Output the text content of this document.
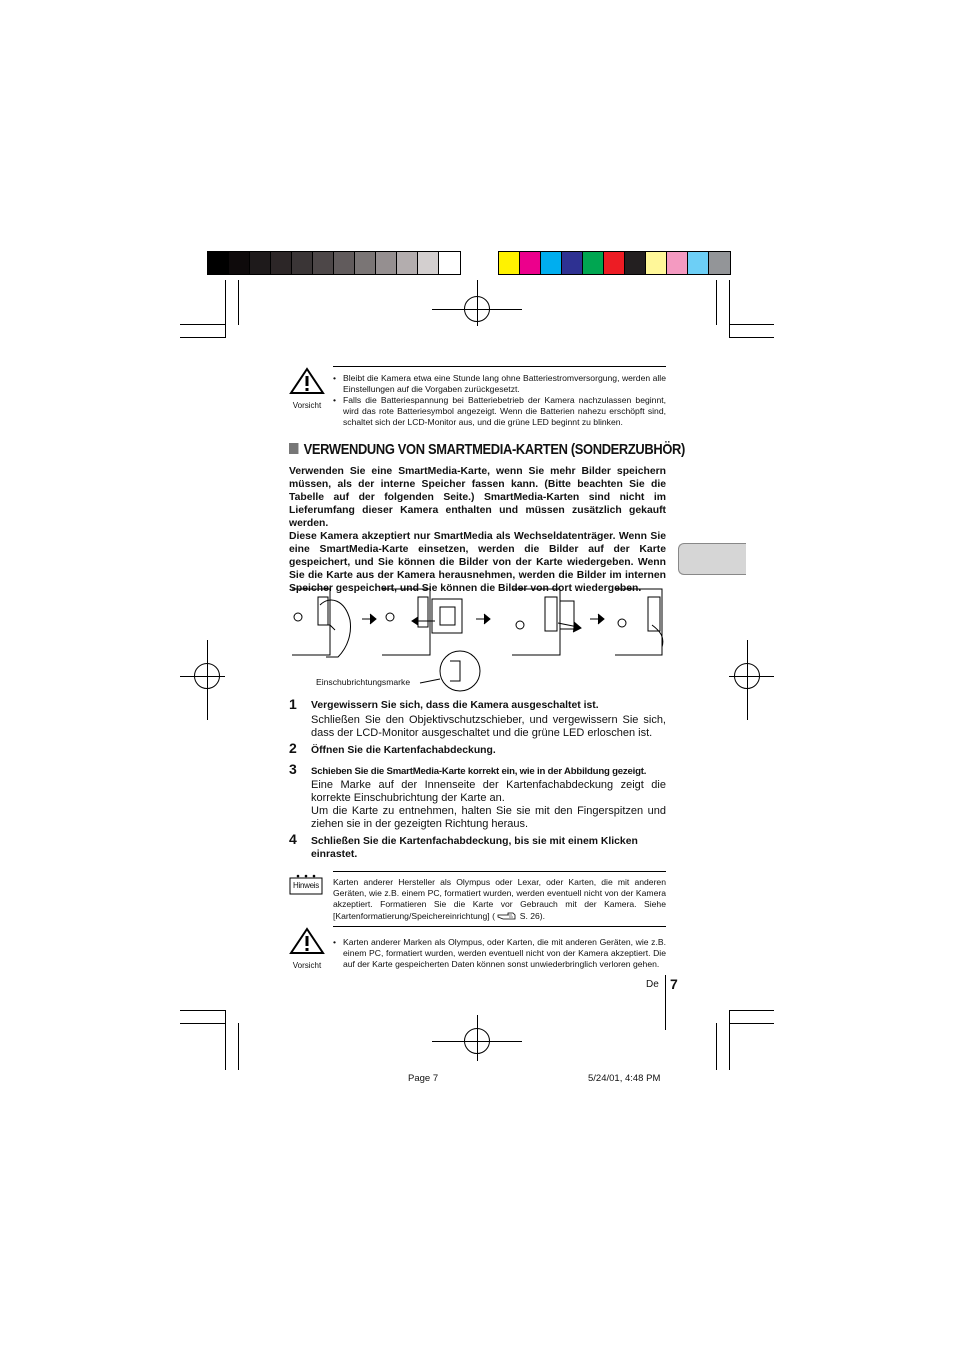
Vorsicht
• Bleibt die Kamera etwa eine Stunde lang ohne Batteriestromversorgung, werden alle Einstellungen auf die Vorgaben zurückgesetzt.
• Falls die Batteriespannung bei Batteriebetrieb der Kamera nachzulassen beginnt, wird das rote Batteriesymbol angezeigt. Wenn die Batterien nahezu erschöpft sind, schaltet sich der LCD-Monitor aus, und die grüne LED beginnt zu blinken.
VERWENDUNG VON SMARTMEDIA-KARTEN (SONDERZUBHÖR)

Verwenden Sie eine SmartMedia-Karte, wenn Sie mehr Bilder speichern müssen, als der interne Speicher fassen kann. (Bitte beachten Sie die Tabelle auf der folgenden Seite.) SmartMedia-Karten sind nicht im Lieferumfang dieser Kamera enthalten und müssen zusätzlich gekauft werden.

Diese Kamera akzeptiert nur SmartMedia als Wechseldatenträger. Wenn Sie eine SmartMedia-Karte einsetzen, werden die Bilder auf der Karte gespeichert, und Sie können die Bilder von der Karte wiedergeben. Wenn Sie die Karte aus der Kamera herausnehmen, werden die Bilder im internen Speicher gespeichert, und Sie können die Bilder von dort wiedergeben.

Einschubrichtungsmarke
1 Vergewissern Sie sich, dass die Kamera ausgeschaltet ist.

Schließen Sie den Objektivschutzschieber, und vergewissern Sie sich, dass der LCD-Monitor ausgeschaltet und die grüne LED erloschen ist.

2 Öffnen Sie die Kartenfachabdeckung.
3 Schieben Sie die SmartMedia-Karte korrekt ein, wie in der Abbildung gezeigt.

Eine Marke auf der Innenseite der Kartenfachabdeckung zeigt die korrekte Einschubrichtung der Karte an.

Um die Karte zu entnehmen, halten Sie sie mit den Fingerspitzen und ziehen sie in der gezeigten Richtung heraus.

4 Schließen Sie die Kartenfachabdeckung, bis sie mit einem Klicken einrastet.
Hinweis Karten anderer Hersteller als Olympus oder Lexar, oder Karten, die mit anderen Geräten, wie z.B. einem PC, formatiert wurden, werden eventuell nicht von der Kamera akzeptiert. Formatieren Sie die Karte vor Gebrauch mit der Kamera. Siehe [Kartenformatierung/Speichereinrichtung] (	S. 26).
Vorsicht
• Karten anderer Marken als Olympus, oder Karten, die mit anderen Geräten, wie z.B. einem PC, formatiert wurden, werden eventuell nicht von der Kamera akzeptiert. Die auf der Karte gespeicherten Daten können sonst unwiederbringlich verloren gehen.
De 7
Page 7	5/24/01, 4:48 PM
